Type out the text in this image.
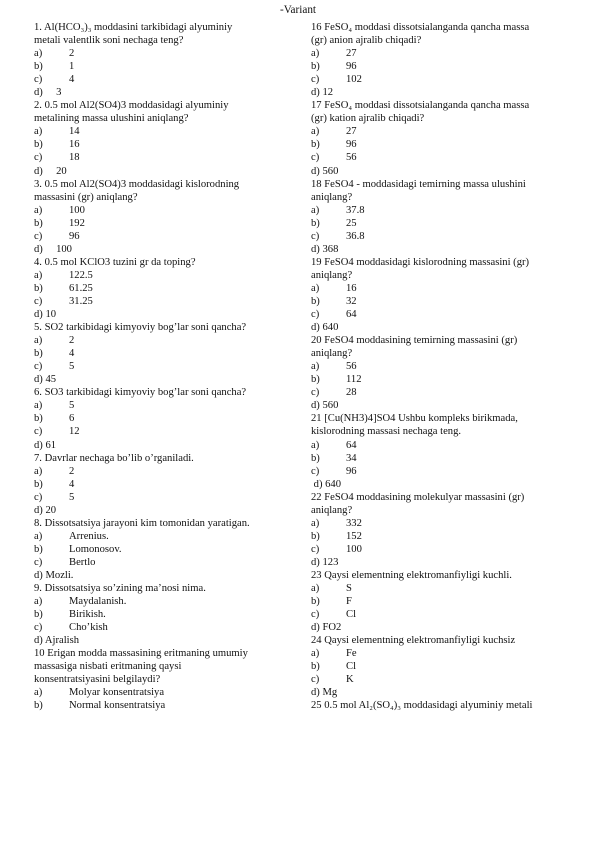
-Variant
1. Al(HCO₃)₃ moddasini tarkibidagi alyuminiy
metali valentlik soni nechaga teng?
a)	2
b)	1
c)	4
d)     3
2. 0.5 mol Al2(SO4)3 moddasidagi alyuminiy
metalining massa ulushini aniqlang?
a)	14
b)	16
c)	18
d)     20
3. 0.5 mol Al2(SO4)3 moddasidagi kislorodning
massasini (gr) aniqlang?
a)	100
b)	192
c)	96
d)     100
4. 0.5 mol KClO3 tuzini gr da toping?
a)	122.5
b)	61.25
c)	31.25
d) 10
5. SO2 tarkibidagi kimyoviy bog’lar soni qancha?
a)	2
b)	4
c)	5
d) 45
6. SO3 tarkibidagi kimyoviy bog’lar soni qancha?
a)	5
b)	6
c)	12
d) 61
7. Davrlar nechaga bo’lib o’rganiladi.
a)	2
b)	4
c)	5
d) 20
8. Dissotsatsiya jarayoni kim tomonidan yaratigan.
a)	Arrenius.
b)	Lomonosov.
c)	Bertlo
d) Mozli.
9. Dissotsatsiya so’zining ma’nosi nima.
a)	Maydalanish.
b)	Birikish.
c)	Cho’kish
d) Ajralish
10 Erigan modda massasining eritmaning umumiy
massasiga nisbati eritmaning qaysi
konsentratsiyasini belgilaydi?
a)	Molyar konsentratsiya
b)	Normal konsentratsiya
16 FeSO₄ moddasi dissotsialanganda qancha massa
(gr) anion ajralib chiqadi?
a)	27
b)	96
c)	102
d) 12
17 FeSO₄ moddasi dissotsialanganda qancha massa
(gr) kation ajralib chiqadi?
a)	27
b)	96
c)	56
d) 560
18 FeSO4 - moddasidagi temirning massa ulushini
aniqlang?
a)	37.8
b)	25
c)	36.8
d) 368
19 FeSO4 moddasidagi kislorodning massasini (gr)
aniqlang?
a)	16
b)	32
c)	64
d) 640
20 FeSO4 moddasining temirning massasini (gr)
aniqlang?
a)	56
b)	112
c)	28
d) 560
21 [Cu(NH3)4]SO4 Ushbu kompleks birikmada,
kislorodning massasi nechaga teng.
a)	64
b)	34
c)	96
d) 640
22 FeSO4 moddasining molekulyar massasini (gr)
aniqlang?
a)	332
b)	152
c)	100
d) 123
23 Qaysi elementning elektromanfiyligi kuchli.
a)	S
b)	F
c)	Cl
d) FO2
24 Qaysi elementning elektromanfiyligi kuchsiz
a)	Fe
b)	Cl
c)	K
d) Mg
25 0.5 mol Al₂(SO₄)₃ moddasidagi alyuminiy metali
